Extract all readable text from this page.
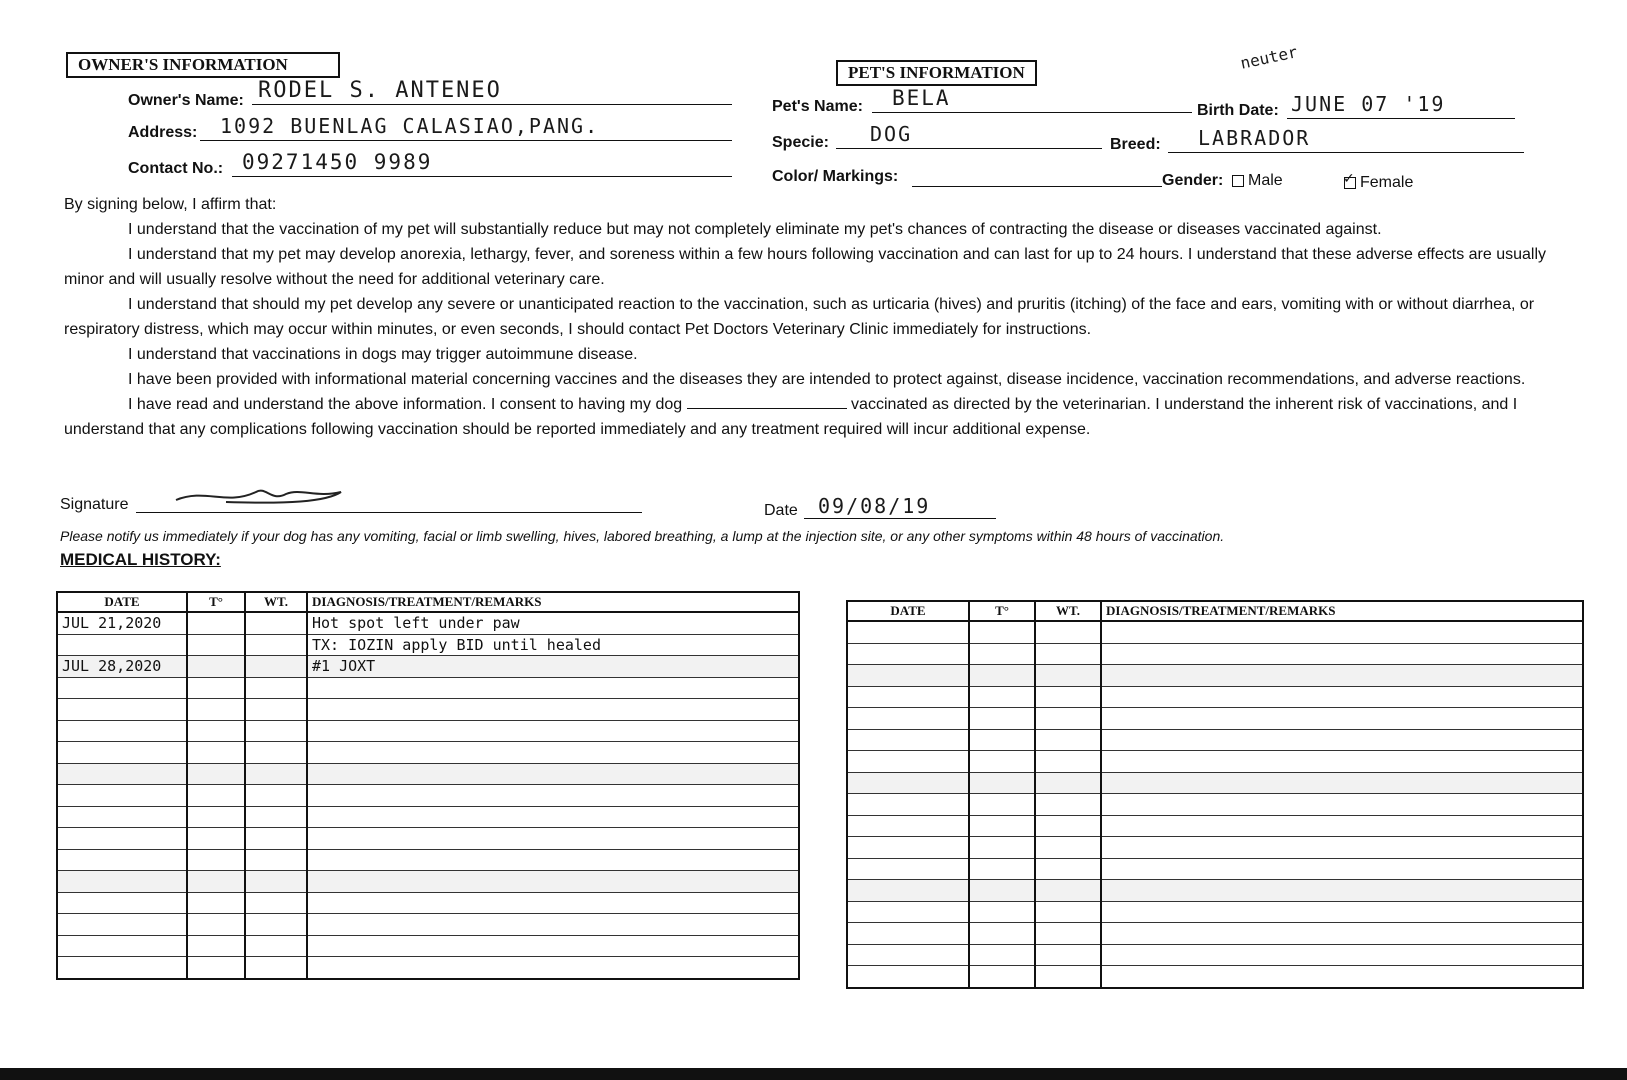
OWNER'S INFORMATION
Owner's Name: RODEL S. ANTENEO
Address:	1092 BUENLAG CALASIAO,PANG.
Contact No.: 09271450 9989
neuter
PET'S INFORMATION
Pet's Name:	BELA
Birth Date: JUNE 07 '19
Specie:	DOG	Breed:	LABRADOR
Color/ Markings:	Gender:	Male ✓	Female

By signing below, I affirm that:

I understand that the vaccination of my pet will substantially reduce but may not completely eliminate my pet's chances of contracting the disease or diseases vaccinated against.

I understand that my pet may develop anorexia, lethargy, fever, and soreness within a few hours following vaccination and can last for up to 24 hours. I understand that these adverse effects are usually minor and will usually resolve without the need for additional veterinary care.

I understand that should my pet develop any severe or unanticipated reaction to the vaccination, such as urticaria (hives) and pruritis (itching) of the face and ears, vomiting with or without diarrhea, or respiratory distress, which may occur within minutes, or even seconds, I should contact Pet Doctors Veterinary Clinic immediately for instructions.

I understand that vaccinations in dogs may trigger autoimmune disease.

I have been provided with informational material concerning vaccines and the diseases they are intended to protect against, disease incidence, vaccination recommendations, and adverse reactions.

I have read and understand the above information. I consent to having my dog	vaccinated as directed by the veterinarian. I understand the inherent risk of vaccinations, and I understand that any complications following vaccination should be reported immediately and any treatment required will incur additional expense.

Signature	Date	09/08/19
Please notify us immediately if your dog has any vomiting, facial or limb swelling, hives, labored breathing, a lump at the injection site, or any other symptoms within 48 hours of vaccination.
MEDICAL HISTORY:
DATE	T°	WT.	DIAGNOSIS/TREATMENT/REMARKS
JUL 21,2020			Hot spot left under paw
			TX: IOZIN apply BID until healed
JUL 28,2020			#1 JOXT

DATE	T°	WT.	DIAGNOSIS/TREATMENT/REMARKS
